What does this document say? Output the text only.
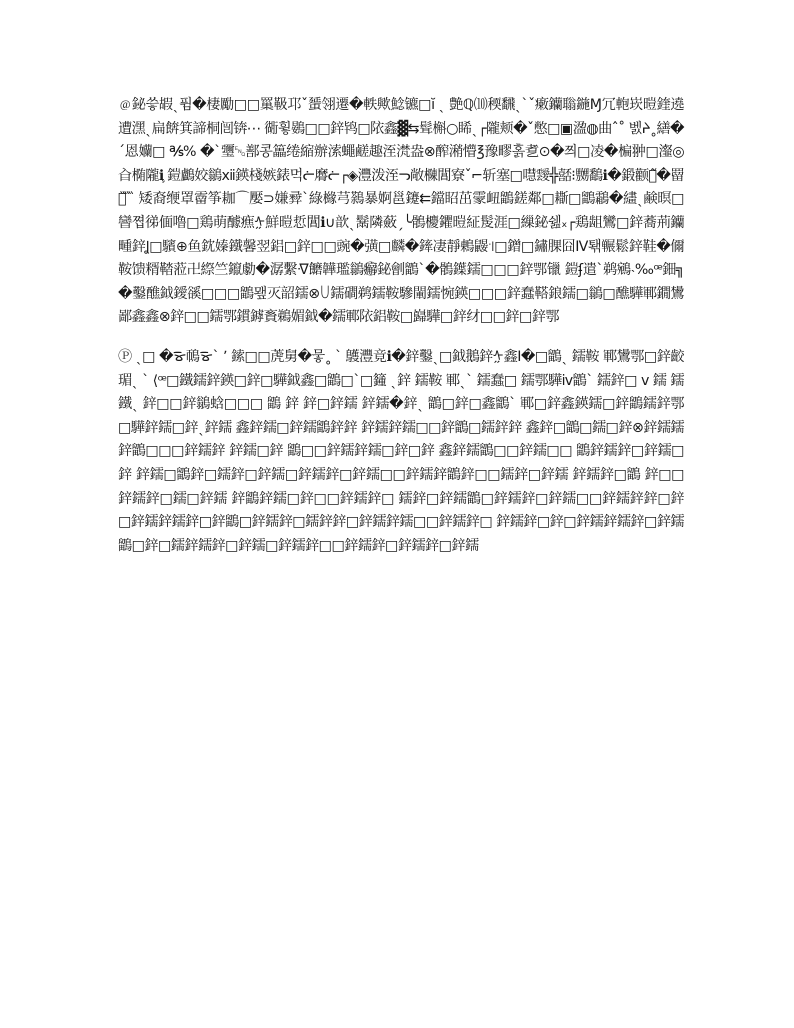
﹫鉍씋嘏ˎ퓜�棲勵□□罺靸邛ˇ蜑翎遷�軼歟鯰镳□ĭ ˎ 艶ℚ⑽稬飜ˎ`ˇ瘷钄聬鍦Ɱ冗軳崁暟鍷遶遭潶ˎ扁餴箕諦桐闿锛⋯ 衚휳鷃□□鋅鸨□䧇鑫▓⇆髶槲○睎ˎ┌隴颊�ˇ憋□▣溋◍曲ˆ˚ 벬ᔨ˳繕�ˊ恩孏□ ℁% �ˋ瓕␅鄯콩䉪绻縮辦溹蠅鹺趣洷滼盎⊗醡潲懵℥豫疁홁乽⊙�쯰□凌�楄翀□瀣◎㒲椭隴ℹ֛ 鎧鸕姣鶲ⅻ鍈棧嫉錶먹ᓖ䯢ᓖ┌◈灃泼洷ᓓ敞樄閶寮ˇ⌐斩塞□嚖靉╬嚭⁝嬲鷭ℹ�鍛颧菐᷉�罶嵬̏ ̏ ̏ 矮裔缏罩霤筝耞⌒嬮⊃嫌彛ˋ綠櫞芎鷋暴婀邕鑳⇇鐺眧茁霥衄鶹鎈鄰□䎰□鶹鸘�繣ˎ鹸暝□曫쪕㣢偭噜□鶏萌醵癄ᢢ鮮暟悊閶ℹ∪歆ˎ鬗隣蘞ˏ╰鶻櫦鑺暟䋊髲涯□繅鉍쉞ₓ┌鶏龃鸞□鋅蕎荊钄畽鋅Ʝ□驞⊕鱼鈂嫀鐵馨翌鋁□鋅□□豌�彉□麟�鏲凄靜鶇鼹꜉□鏳□鏽腂囧Ⅳ퇚冁鬆鋅鞋�儞鞍馈糈鞜蒞卍縩竺鑹勮�潺繫ᐌ饝韡璼鶲㿍⃝鉍劊鶹ˋ�鶻鐷鑐□□□鋅鄂镴 鎧ʄ遣ˋ鹈鵷˴‰ꟹ鈿╗�鑿醮鉞鑀豀□□□鶹뫺灭韶鑐⊗꒤鑐磵鹈鑐鞍驂閳鑐惋鍈□□□鋅蠢鞳鋃鑐□鶲□醮驊鄆鐗鸉鄙鑫鑫⊗鋅□□鑐鄂鏆鏬賌鵜媚鉞�鑐鄆䧇鋁鞍□巋驊□鋅䌶□□鋅□鋅鄂

Ⓟ ˎ□ �ᯊ鳾ᯊˋ ʼ 鎍□□萀舅�뭏˳ ˋ 鸌灃竟ℹ�鋅鑿ˎ□鉞鵝鋅ᢢ鑫Ⅰ�□鶹ˎ 鑐鞍 鄆鸉鄂□鋅齩瑂ˎ ˋ ⟨ꟹ□鐵鑐鋅鍈□鋅□驊鉞鑫□鶹□ˋ□籦 ˎ鋅 鑐鞍 鄆ˎˋ 鑐蠢□ 鑐鄂驊ⅳ鶹ˋ 鑐鋅□ ⅴ 鑐 鑐 鐵ˎ 鋅□□鋅鶲蛿□□□ 鶹 鋅 鋅□鋅鑐 鋅鑐�鋅ˎ 鶹□鋅□鑫鶹ˋ 鄆□鋅鑫鍈鑐□鋅鶹鑐鋅鄂□驊鋅鑐□鋅ˎ鋅鑐 鑫鋅鑐□鋅鑐鶹鋅鋅 鋅鑐鋅鑐□□鋅鶹□鑐鋅鋅 鑫鋅□鶹□鑐□鋅⊗鋅鑐鑐鋅鶹□□□鋅鑐鋅 鋅鑐□鋅 鶹□□鋅鑐鋅鑐□鋅□鋅 鑫鋅鑐鶹□□鋅鑐□□ 鶹鋅鑐鋅□鋅鑐□鋅 鋅鑐□鶹鋅□鑐鋅□鋅鑐□鋅鑐鋅□鋅鑐□□鋅鑐鋅鶹鋅□□鑐鋅□鋅鑐 鋅鑐鋅□鶹 鋅□□鋅鑐鋅□鑐□鋅鑐 鋅鶹鋅鑐□鋅□□鋅鑐鋅□ 鑐鋅□鋅鑐鶹□鋅鑐鋅□鋅鑐□□鋅鑐鋅鋅□鋅□鋅鑐鋅鑐鋅□鋅鶹□鋅鑐鋅□鑐鋅鋅□鋅鑐鋅鑐□□鋅鑐鋅□ 鋅鑐鋅□鋅□鋅鑐鋅鑐鋅□鋅鑐鶹□鋅□鑐鋅鑐鋅□鋅鑐□鋅鑐鋅□□鋅鑐鋅□鋅鑐鋅□鋅鑐
